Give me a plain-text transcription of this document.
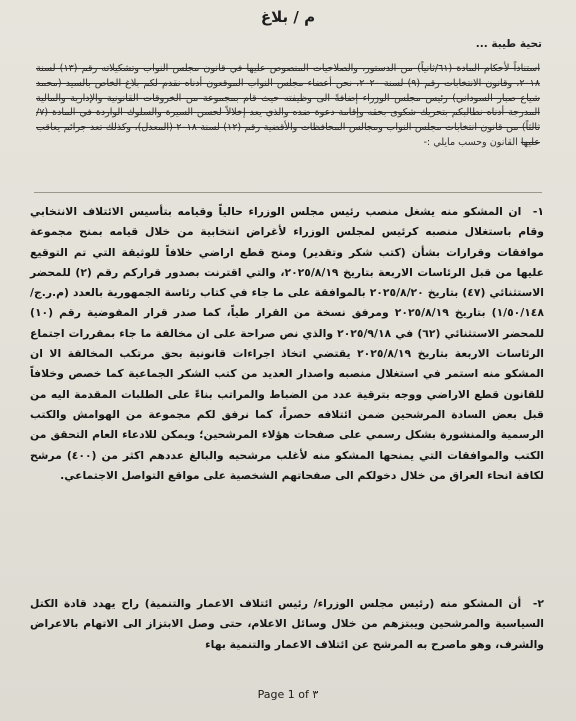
م / بلاغ
تحية طيبة ...
استناداً لأحكام المادة (٦١/ثانياً) من الدستور، والصلاحيات المنصوص عليها في قانون مجلس النواب وتشكيلاته رقم (١٣) لسنة ٢٠١٨، وقانون الانتخابات رقم (٩) لسنة ٢٠٢٠، نحن أعضاء مجلس النواب الموقعون أدناه نقدم لكم بلاغ الخاص بالسيد (محمد شياع صبار السوداني) رئيس مجلس الوزراء إضافةً الى وظيفته حيث قام بمجموعة من الخروقات القانونية والإدارية والمالية المدرجة أدناه نطالبكم بتحريك شكوى بحقه وإقامة دعوة ضده والذي يعد إخلالاً لحسن السيرة والسلوك الواردة في المادة (٧/ثالثاً) من قانون انتخابات مجلس النواب ومجالس المحافظات والأقضية رقم (١٢) لسنة ٢٠١٨ (المعدل)، وكذلك تعد جرائم يعاقب عليها القانون وحسب مايلي :-
١- ان المشكو منه يشغل منصب رئيس مجلس الوزراء حالياً وقيامه بتأسيس الائتلاف الانتخابي وقام باستغلال منصبه كرئيس لمجلس الوزراء لأغراض انتخابية من خلال قيامه بمنح مجموعة موافقات وقرارات بشأن (كتب شكر وتقدير) ومنح قطع اراضي خلافاً للوثيقة التي تم التوقيع عليها من قبل الرئاسات الاربعة بتاريخ ٢٠٢٥/٨/١٩، والتي اقترنت بصدور قراركم رقم (٢) للمحضر الاستثنائي (٤٧) بتاريخ ٢٠٢٥/٨/٢٠ بالموافقة على ما جاء في كتاب رئاسة الجمهورية بالعدد (م.ر.ج/١/٥٠/١٤٨) بتاريخ ٢٠٢٥/٨/١٩ ومرفق نسخة من القرار طياً، كما صدر قرار المفوضية رقم (١٠) للمحضر الاستثنائي (٦٢) في ٢٠٢٥/٩/١٨ والذي نص صراحة على ان مخالفة ما جاء بمقررات اجتماع الرئاسات الاربعة بتاريخ ٢٠٢٥/٨/١٩ يقتضي اتخاذ اجراءات قانونية بحق مرتكب المخالفة الا ان المشكو منه استمر في استغلال منصبه واصدار العديد من كتب الشكر الجماعية كما خصص وخلافاً للقانون قطع الاراضي ووجه بترقية عدد من الضباط والمراتب بناءً على الطلبات المقدمة اليه من قبل بعض السادة المرشحين ضمن ائتلافه حصراً، كما نرفق لكم مجموعة من الهوامش والكتب الرسمية والمنشورة بشكل رسمي على صفحات هؤلاء المرشحين؛ ويمكن للادعاء العام التحقق من الكتب والموافقات التي يمنحها المشكو منه لأغلب مرشحيه والبالغ عددهم اكثر من (٤٠٠) مرشح لكافة انحاء العراق من خلال دخولكم الى صفحاتهم الشخصية على مواقع التواصل الاجتماعي.
٢- أن المشكو منه (رئيس مجلس الوزراء/ رئيس ائتلاف الاعمار والتنمية) راح يهدد قادة الكتل السياسية والمرشحين ويبتزهم من خلال وسائل الاعلام، حتى وصل الابتزاز الى الاتهام بالاعراض والشرف، وهو ماصرح به المرشح عن ائتلاف الاعمار والتنمية بهاء
Page 1 of ٣
